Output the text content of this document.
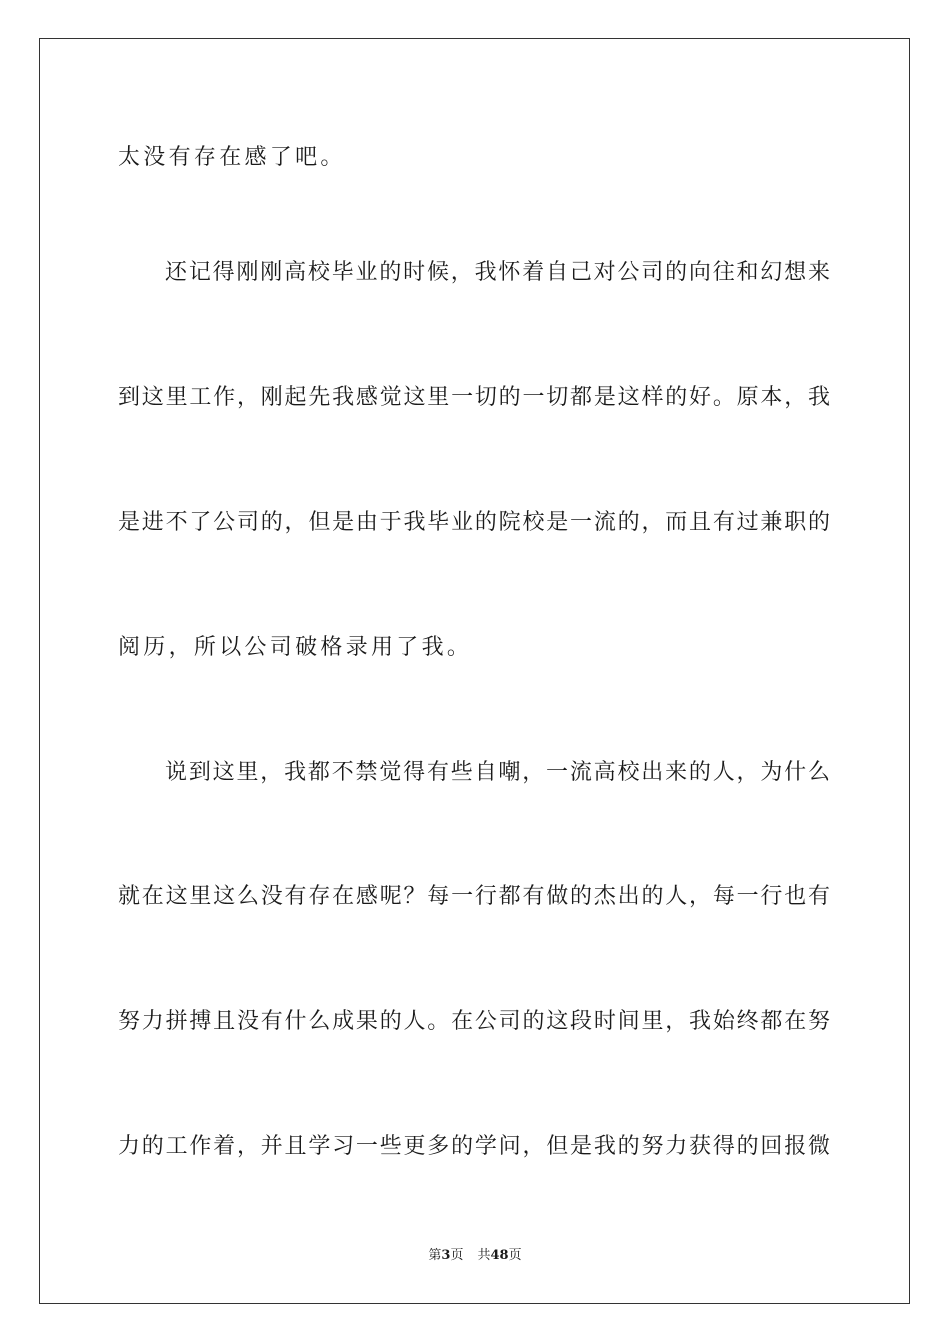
太没有存在感了吧。
还记得刚刚高校毕业的时候，我怀着自己对公司的向往和幻想来
到这里工作，刚起先我感觉这里一切的一切都是这样的好。原本，我
是进不了公司的，但是由于我毕业的院校是一流的，而且有过兼职的
阅历，所以公司破格录用了我。
说到这里，我都不禁觉得有些自嘲，一流高校出来的人，为什么
就在这里这么没有存在感呢？每一行都有做的杰出的人，每一行也有
努力拼搏且没有什么成果的人。在公司的这段时间里，我始终都在努
力的工作着，并且学习一些更多的学问，但是我的努力获得的回报微
第3页 共48页
